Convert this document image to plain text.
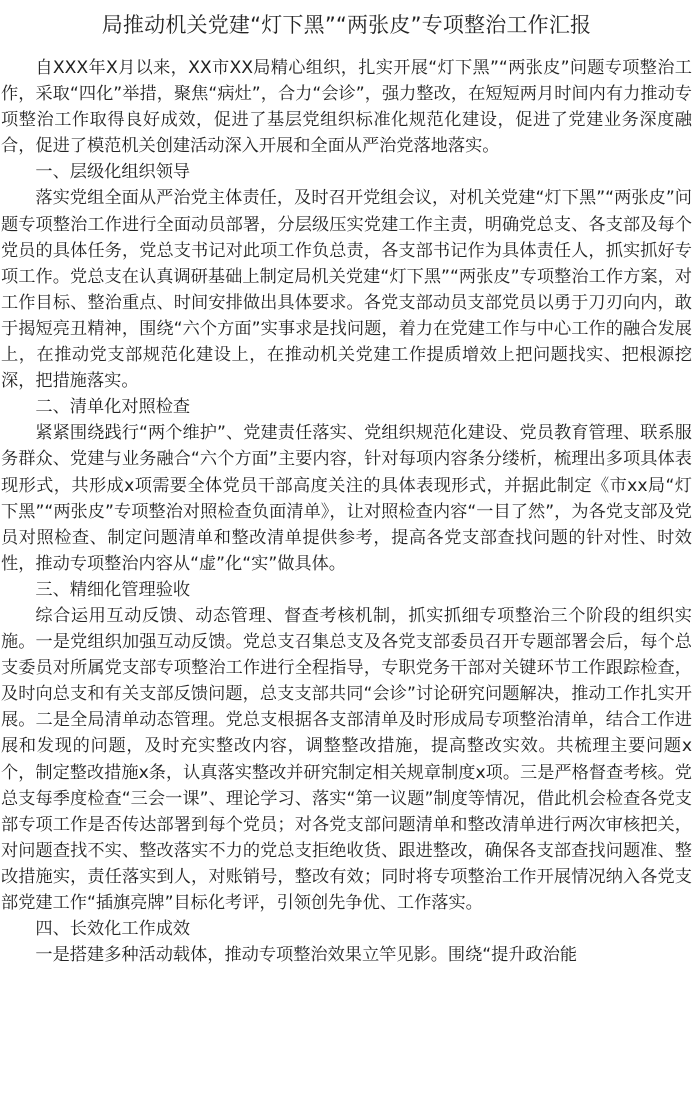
局推动机关党建“灯下黑”“两张皮”专项整治工作汇报

自XXX年X月以来，XX市XX局精心组织，扎实开展“灯下黑”“两张皮”问题专项整治工作，采取“四化”举措，聚焦“病灶”，合力“会诊”，强力整改，在短短两月时间内有力推动专项整治工作取得良好成效，促进了基层党组织标准化规范化建设，促进了党建业务深度融合，促进了模范机关创建活动深入开展和全面从严治党落地落实。

一、层级化组织领导

落实党组全面从严治党主体责任，及时召开党组会议，对机关党建“灯下黑”“两张皮”问题专项整治工作进行全面动员部署，分层级压实党建工作主责，明确党总支、各支部及每个党员的具体任务，党总支书记对此项工作负总责，各支部书记作为具体责任人，抓实抓好专项工作。党总支在认真调研基础上制定局机关党建“灯下黑”“两张皮”专项整治工作方案，对工作目标、整治重点、时间安排做出具体要求。各党支部动员支部党员以勇于刀刃向内，敢于揭短亮丑精神，围绕“六个方面”实事求是找问题，着力在党建工作与中心工作的融合发展上，在推动党支部规范化建设上，在推动机关党建工作提质增效上把问题找实、把根源挖深，把措施落实。

二、清单化对照检查

紧紧围绕践行“两个维护”、党建责任落实、党组织规范化建设、党员教育管理、联系服务群众、党建与业务融合“六个方面”主要内容，针对每项内容条分缕析，梳理出多项具体表现形式，共形成x项需要全体党员干部高度关注的具体表现形式，并据此制定《市xx局“灯下黑”“两张皮”专项整治对照检查负面清单》，让对照检查内容“一目了然”，为各党支部及党员对照检查、制定问题清单和整改清单提供参考，提高各党支部查找问题的针对性、时效性，推动专项整治内容从“虚”化“实”做具体。

三、精细化管理验收

综合运用互动反馈、动态管理、督查考核机制，抓实抓细专项整治三个阶段的组织实施。一是党组织加强互动反馈。党总支召集总支及各党支部委员召开专题部署会后，每个总支委员对所属党支部专项整治工作进行全程指导，专职党务干部对关键环节工作跟踪检查，及时向总支和有关支部反馈问题，总支支部共同“会诊”讨论研究问题解决，推动工作扎实开展。二是全局清单动态管理。党总支根据各支部清单及时形成局专项整治清单，结合工作进展和发现的问题，及时充实整改内容，调整整改措施，提高整改实效。共梳理主要问题x个，制定整改措施x条，认真落实整改并研究制定相关规章制度x项。三是严格督查考核。党总支每季度检查“三会一课”、理论学习、落实“第一议题”制度等情况，借此机会检查各党支部专项工作是否传达部署到每个党员；对各党支部问题清单和整改清单进行两次审核把关，对问题查找不实、整改落实不力的党总支拒绝收货、跟进整改，确保各支部查找问题准、整改措施实，责任落实到人，对账销号，整改有效；同时将专项整治工作开展情况纳入各党支部党建工作“插旗亮牌”目标化考评，引领创先争优、工作落实。

四、长效化工作成效

一是搭建多种活动载体，推动专项整治效果立竿见影。围绕“提升政治能
